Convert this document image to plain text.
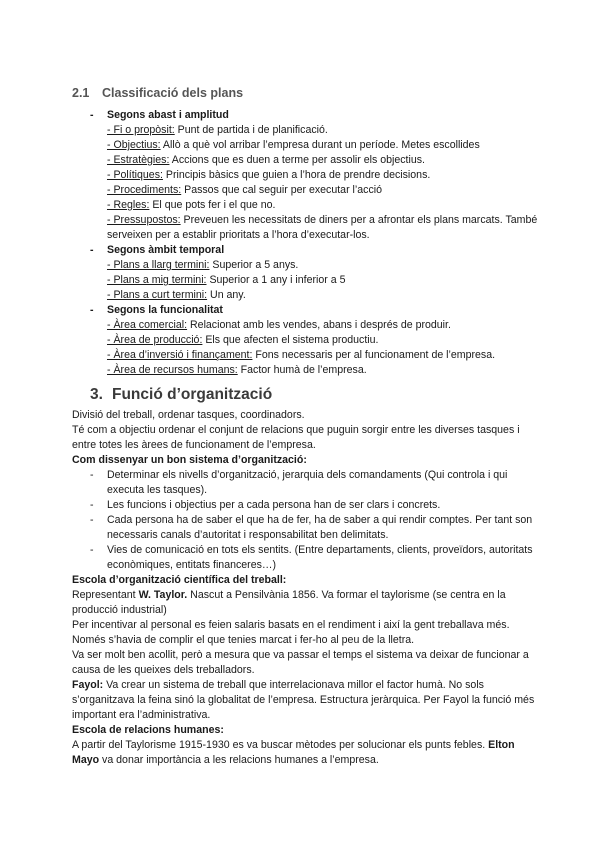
2.1 Classificació dels plans
- Segons abast i amplitud
- Fi o propòsit: Punt de partida i de planificació.
- Objectius: Allò a què vol arribar l’empresa durant un període. Metes escollides
- Estratègies: Accions que es duen a terme per assolir els objectius.
- Polítiques: Principis bàsics que guien a l’hora de prendre decisions.
- Procediments: Passos que cal seguir per executar l’acció
- Regles: El que pots fer i el que no.
- Pressupostos: Preveuen les necessitats de diners per a afrontar els plans marcats. També
serveixen per a establir prioritats a l’hora d’executar-los.
- Segons àmbit temporal
- Plans a llarg termini: Superior a 5 anys.
- Plans a mig termini: Superior a 1 any i inferior a 5
- Plans a curt termini: Un any.
- Segons la funcionalitat
- Àrea comercial: Relacionat amb les vendes, abans i després de produir.
- Àrea de producció: Els que afecten el sistema productiu.
- Àrea d’inversió i finançament: Fons necessaris per al funcionament de l’empresa.
- Àrea de recursos humans: Factor humà de l’empresa.
3. Funció d’organització
Divisió del treball, ordenar tasques, coordinadors.
Té com a objectiu ordenar el conjunt de relacions que puguin sorgir entre les diverses tasques i
entre totes les àrees de funcionament de l’empresa.
Com dissenyar un bon sistema d’organització:
- Determinar els nivells d’organització, jerarquia dels comandaments (Qui controla i qui
executa les tasques).
- Les funcions i objectius per a cada persona han de ser clars i concrets.
- Cada persona ha de saber el que ha de fer, ha de saber a qui rendir comptes. Per tant son
necessaris canals d’autoritat i responsabilitat ben delimitats.
- Vies de comunicació en tots els sentits. (Entre departaments, clients, proveïdors, autoritats
econòmiques, entitats financeres…)
Escola d’organització científica del treball:
Representant W. Taylor. Nascut a Pensilvània 1856. Va formar el taylorisme (se centra en la
producció industrial)
Per incentivar al personal es feien salaris basats en el rendiment i així la gent treballava més.
Només s’havia de complir el que tenies marcat i fer-ho al peu de la lletra.
Va ser molt ben acollit, però a mesura que va passar el temps el sistema va deixar de funcionar a
causa de les queixes dels treballadors.
Fayol: Va crear un sistema de treball que interrelacionava millor el factor humà. No sols
s’organitzava la feina sinó la globalitat de l’empresa. Estructura jeràrquica. Per Fayol la funció més
important era l’administrativa.
Escola de relacions humanes:
A partir del Taylorisme 1915-1930 es va buscar mètodes per solucionar els punts febles. Elton
Mayo va donar importància a les relacions humanes a l’empresa.
